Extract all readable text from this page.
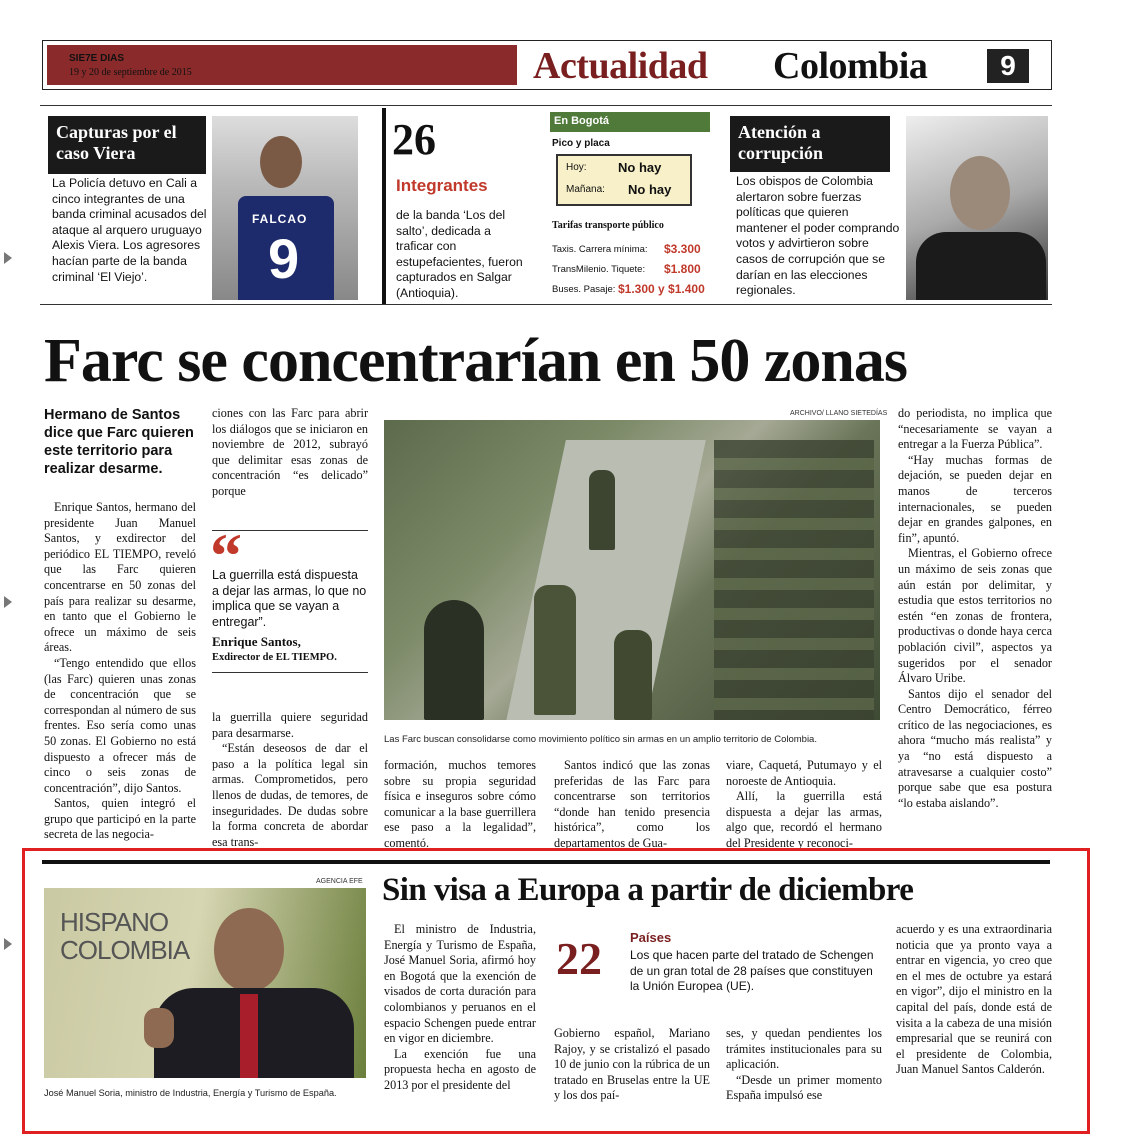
SIE7E DIAS
19 y 20 de septiembre de 2015	Actualidad Colombia	9
Capturas por el caso Viera
La Policía detuvo en Cali a cinco integrantes de una banda criminal acusados del ataque al arquero uruguayo Alexis Viera. Los agresores hacían parte de la banda criminal ‘El Viejo’.
FALCAO
9
26
Integrantes
de la banda ‘Los del salto’, dedicada a traficar con estupefacientes, fueron capturados en Salgar (Antioquia).
En Bogotá
Pico y placa
Hoy: No hay
Mañana: No hay
Tarifas transporte público
Taxis. Carrera mínima: $3.300
TransMilenio. Tiquete: $1.800
Buses. Pasaje: $1.300 y $1.400
Atención a corrupción
Los obispos de Colombia alertaron sobre fuerzas políticas que quieren mantener el poder comprando votos y advirtieron sobre casos de corrupción que se darían en las elecciones regionales.
Farc se concentrarían en 50 zonas
Hermano de Santos dice que Farc quieren este territorio para realizar desarme.

Enrique Santos, hermano del presidente Juan Manuel Santos, y exdirector del periódico EL TIEMPO, reveló que las Farc quieren concentrarse en 50 zonas del país para realizar su desarme, en tanto que el Gobierno le ofrece un máximo de seis áreas.

“Tengo entendido que ellos (las Farc) quieren unas zonas de concentración que se correspondan al número de sus frentes. Eso sería como unas 50 zonas. El Gobierno no está dispuesto a ofrecer más de cinco o seis zonas de concentración”, dijo Santos.

Santos, quien integró el grupo que participó en la parte secreta de las negocia-

ciones con las Farc para abrir los diálogos que se iniciaron en noviembre de 2012, subrayó que delimitar esas zonas de concentración “es delicado” porque

“
La guerrilla está dispuesta a dejar las armas, lo que no implica que se vayan a entregar”.
Enrique Santos,
Exdirector de EL TIEMPO.

la guerrilla quiere seguridad para desarmarse.

“Están deseosos de dar el paso a la política legal sin armas. Comprometidos, pero llenos de dudas, de temores, de inseguridades. De dudas sobre la forma concreta de abordar esa trans-

ARCHIVO/ LLANO SIETEDÍAS
Las Farc buscan consolidarse como movimiento político sin armas en un amplio territorio de Colombia.

formación, muchos temores sobre su propia seguridad física e inseguros sobre cómo comunicar a la base guerrillera ese paso a la legalidad”, comentó.

Santos indicó que las zonas preferidas de las Farc para concentrarse son territorios “donde han tenido presencia histórica”, como los departamentos de Gua-

viare, Caquetá, Putumayo y el noroeste de Antioquia.

Allí, la guerrilla está dispuesta a dejar las armas, algo que, recordó el hermano del Presidente y reconoci-

do periodista, no implica que “necesariamente se vayan a entregar a la Fuerza Pública”.

“Hay muchas formas de dejación, se pueden dejar en manos de terceros internacionales, se pueden dejar en grandes galpones, en fin”, apuntó.

Mientras, el Gobierno ofrece un máximo de seis zonas que aún están por delimitar, y estudia que estos territorios no estén “en zonas de frontera, productivas o donde haya cerca población civil”, aspectos ya sugeridos por el senador Álvaro Uribe.

Santos dijo el senador del Centro Democrático, férreo crítico de las negociaciones, es ahora “mucho más realista” y ya “no está dispuesto a atravesarse a cualquier costo” porque sabe que esa postura “lo estaba aislando”.

AGENCIA EFE
HISPANO COLOMBIA
José Manuel Soria, ministro de Industria, Energía y Turismo de España.
Sin visa a Europa a partir de diciembre

El ministro de Industria, Energía y Turismo de España, José Manuel Soria, afirmó hoy en Bogotá que la exención de visados de corta duración para colombianos y peruanos en el espacio Schengen puede entrar en vigor en diciembre.

La exención fue una propuesta hecha en agosto de 2013 por el presidente del

22 Países
Los que hacen parte del tratado de Schengen de un gran total de 28 países que constituyen la Unión Europea (UE).

Gobierno español, Mariano Rajoy, y se cristalizó el pasado 10 de junio con la rúbrica de un tratado en Bruselas entre la UE y los dos paí-

ses, y quedan pendientes los trámites institucionales para su aplicación.

“Desde un primer momento España impulsó ese

acuerdo y es una extraordinaria noticia que ya pronto vaya a entrar en vigencia, yo creo que en el mes de octubre ya estará en vigor”, dijo el ministro en la capital del país, donde está de visita a la cabeza de una misión empresarial que se reunirá con el presidente de Colombia, Juan Manuel Santos Calderón.
